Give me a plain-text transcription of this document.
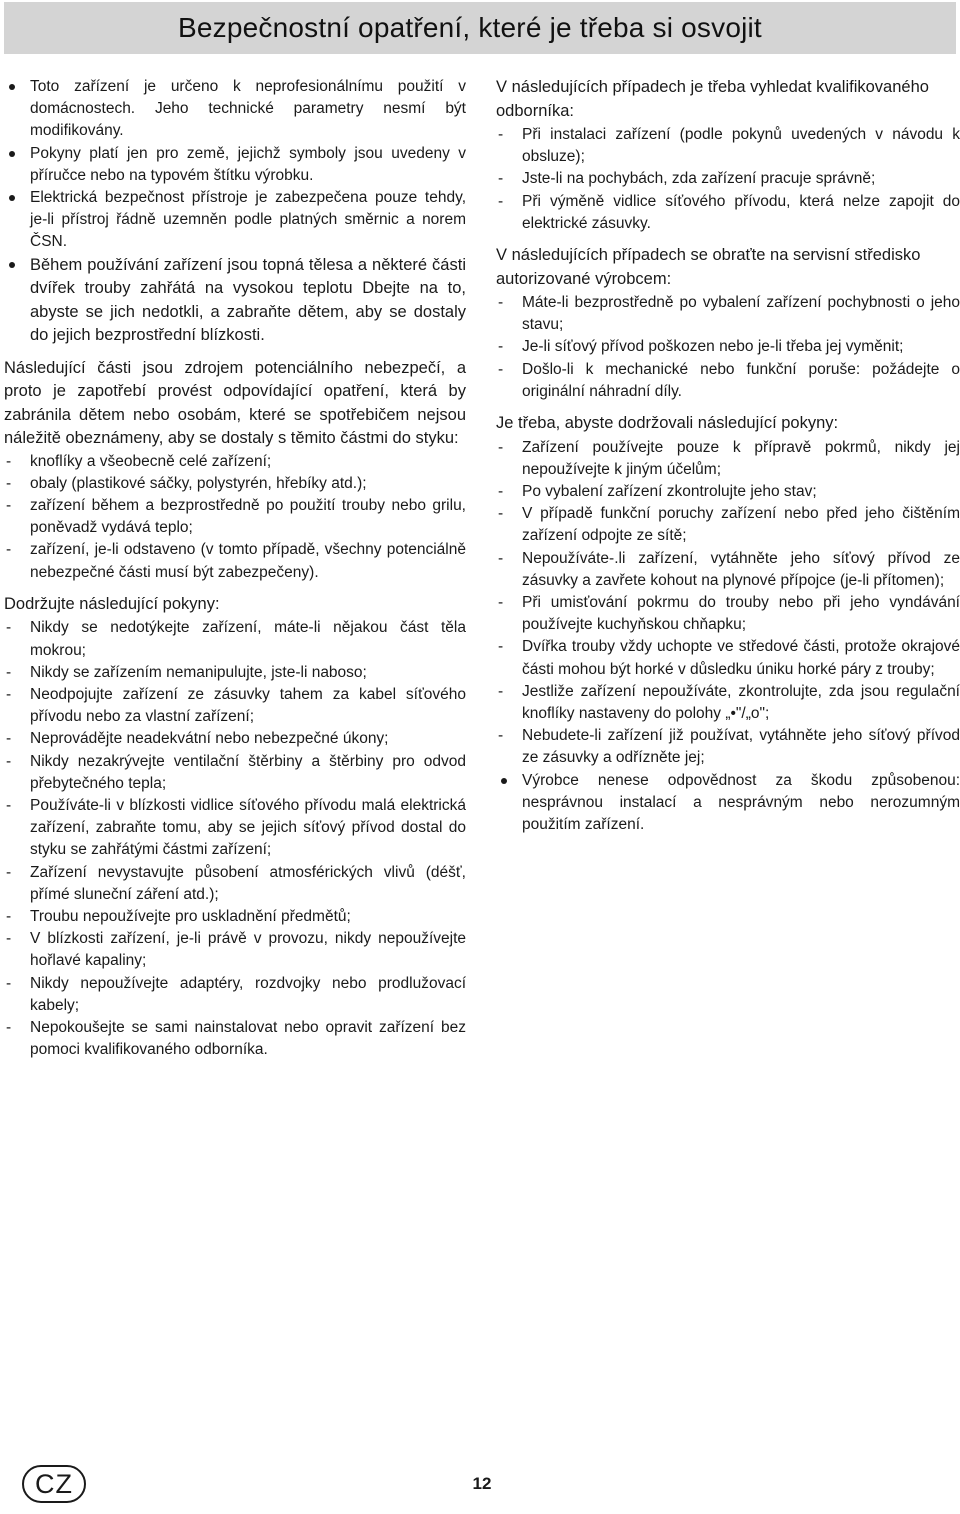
Bezpečnostní opatření, které je třeba si osvojit
Toto zařízení je určeno k neprofesionálnímu použití v domácnostech. Jeho technické parametry nesmí být modifikovány.
Pokyny platí jen pro země, jejichž symboly jsou uvedeny v příručce nebo na typovém štítku výrobku.
Elektrická bezpečnost přístroje je zabezpečena pouze tehdy, je-li přístroj řádně uzemněn podle platných směrnic a norem ČSN.
Během používání zařízení jsou topná tělesa a některé části dvířek trouby zahřátá na vysokou teplotu Dbejte na to, abyste se jich nedotkli, a zabraňte dětem, aby se dostaly do jejich bezprostřední blízkosti.

Následující části jsou zdrojem potenciálního nebezpečí, a proto je zapotřebí provést odpovídající opatření, která by zabránila dětem nebo osobám, které se spotřebičem nejsou náležitě obeznámeny, aby se dostaly s těmito částmi do styku:

- knoflíky a všeobecně celé zařízení;
- obaly (plastikové sáčky, polystyrén, hřebíky atd.);
- zařízení během a bezprostředně po použití trouby nebo grilu, poněvadž vydává teplo;
- zařízení, je-li odstaveno (v tomto případě, všechny potenciálně nebezpečné části musí být zabezpečeny).
Dodržujte následující pokyny:
- Nikdy se nedotýkejte zařízení, máte-li nějakou část těla mokrou;
- Nikdy se zařízením nemanipulujte, jste-li naboso;
- Neodpojujte zařízení ze zásuvky tahem za kabel síťového přívodu nebo za vlastní zařízení;
- Neprovádějte neadekvátní nebo nebezpečné úkony;
- Nikdy nezakrývejte ventilační štěrbiny a štěrbiny pro odvod přebytečného tepla;
- Používáte-li v blízkosti vidlice síťového přívodu malá elektrická zařízení, zabraňte tomu, aby se jejich síťový přívod dostal do styku se zahřátými částmi zařízení;
- Zařízení nevystavujte působení atmosférických vlivů (déšť, přímé sluneční záření atd.);
- Troubu nepoužívejte pro uskladnění předmětů;
- V blízkosti zařízení, je-li právě v provozu, nikdy nepoužívejte hořlavé kapaliny;
- Nikdy nepoužívejte adaptéry, rozdvojky nebo prodlužovací kabely;
- Nepokoušejte se sami nainstalovat nebo opravit zařízení bez pomoci kvalifikovaného odborníka.
V následujících případech je třeba vyhledat kvalifikovaného odborníka:
- Při instalaci zařízení (podle pokynů uvedených v návodu k obsluze);
- Jste-li na pochybách, zda zařízení pracuje správně;
- Při výměně vidlice síťového přívodu, která nelze zapojit do elektrické zásuvky.
V následujících případech se obraťte na servisní středisko autorizované výrobcem:
- Máte-li bezprostředně po vybalení zařízení pochybnosti o jeho stavu;
- Je-li síťový přívod poškozen nebo je-li třeba jej vyměnit;
- Došlo-li k mechanické nebo funkční poruše: požádejte o originální náhradní díly.
Je třeba, abyste dodržovali následující pokyny:
- Zařízení používejte pouze k přípravě pokrmů, nikdy jej nepoužívejte k jiným účelům;
- Po vybalení zařízení zkontrolujte jeho stav;
- V případě funkční poruchy zařízení nebo před jeho čištěním zařízení odpojte ze sítě;
- Nepoužíváte-.li zařízení, vytáhněte jeho síťový přívod ze zásuvky a zavřete kohout na plynové přípojce (je-li přítomen);
- Při umisťování pokrmu do trouby nebo při jeho vyndávání používejte kuchyňskou chňapku;
- Dvířka trouby vždy uchopte ve středové části, protože okrajové části mohou být horké v důsledku úniku horké páry z trouby;
- Jestliže zařízení nepoužíváte, zkontrolujte, zda jsou regulační knoflíky nastaveny do polohy „•"/„o";
- Nebudete-li zařízení již používat, vytáhněte jeho síťový přívod ze zásuvky a odřízněte jej;
Výrobce nenese odpovědnost za škodu způsobenou: nesprávnou instalací a nesprávným nebo nerozumným použitím zařízení.
CZ	12
